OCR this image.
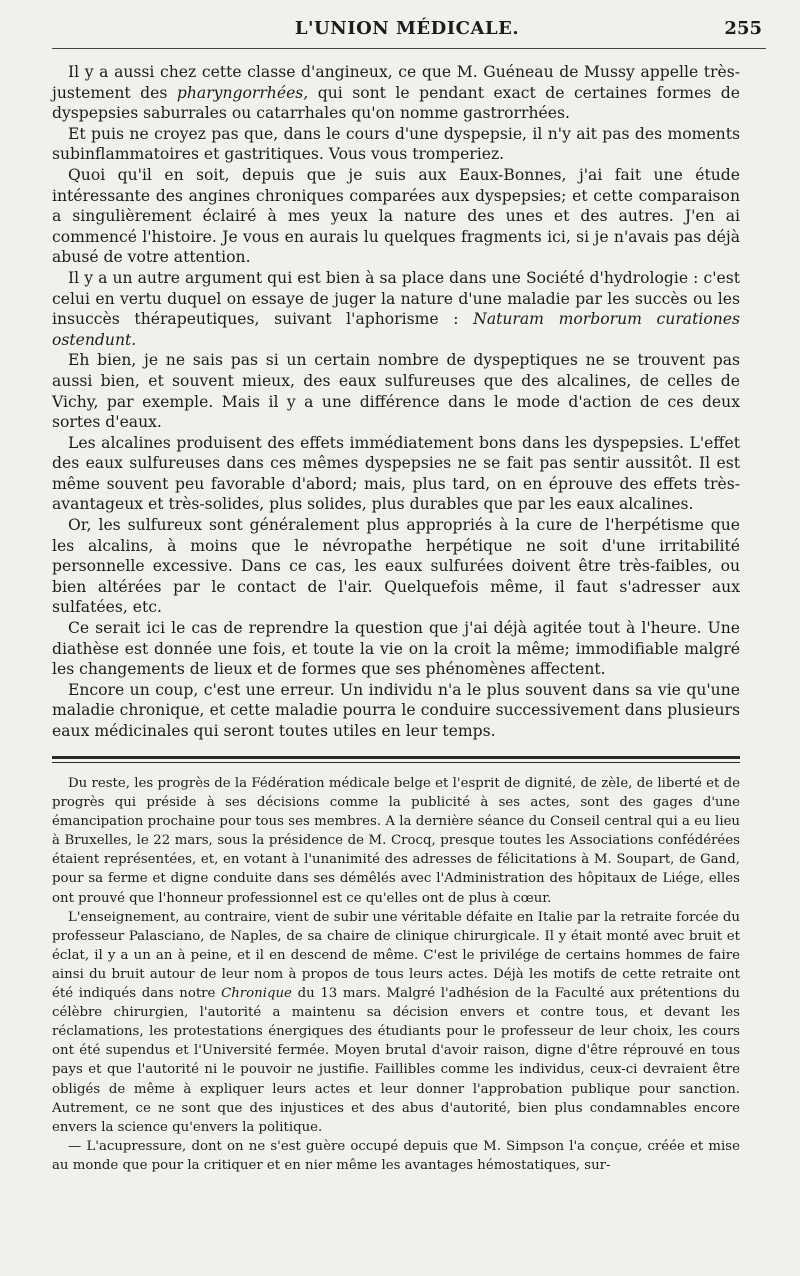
L'UNION MÉDICALE.	255

Il y a aussi chez cette classe d'angineux, ce que M. Guéneau de Mussy appelle très-justement des pharyngorrhées, qui sont le pendant exact de certaines formes de dyspepsies saburrales ou catarrhales qu'on nomme gastrorrhées.

Et puis ne croyez pas que, dans le cours d'une dyspepsie, il n'y ait pas des moments subinflammatoires et gastritiques. Vous vous tromperiez.

Quoi qu'il en soit, depuis que je suis aux Eaux-Bonnes, j'ai fait une étude intéressante des angines chroniques comparées aux dyspepsies; et cette comparaison a singulièrement éclairé à mes yeux la nature des unes et des autres. J'en ai commencé l'histoire. Je vous en aurais lu quelques fragments ici, si je n'avais pas déjà abusé de votre attention.

Il y a un autre argument qui est bien à sa place dans une Société d'hydrologie : c'est celui en vertu duquel on essaye de juger la nature d'une maladie par les succès ou les insuccès thérapeutiques, suivant l'aphorisme : Naturam morborum curationes ostendunt.

Eh bien, je ne sais pas si un certain nombre de dyspeptiques ne se trouvent pas aussi bien, et souvent mieux, des eaux sulfureuses que des alcalines, de celles de Vichy, par exemple. Mais il y a une différence dans le mode d'action de ces deux sortes d'eaux.

Les alcalines produisent des effets immédiatement bons dans les dyspepsies. L'effet des eaux sulfureuses dans ces mêmes dyspepsies ne se fait pas sentir aussitôt. Il est même souvent peu favorable d'abord; mais, plus tard, on en éprouve des effets très-avantageux et très-solides, plus solides, plus durables que par les eaux alcalines.

Or, les sulfureux sont généralement plus appropriés à la cure de l'herpétisme que les alcalins, à moins que le névropathe herpétique ne soit d'une irritabilité personnelle excessive. Dans ce cas, les eaux sulfurées doivent être très-faibles, ou bien altérées par le contact de l'air. Quelquefois même, il faut s'adresser aux sulfatées, etc.

Ce serait ici le cas de reprendre la question que j'ai déjà agitée tout à l'heure. Une diathèse est donnée une fois, et toute la vie on la croit la même; immodifiable malgré les changements de lieux et de formes que ses phénomènes affectent.

Encore un coup, c'est une erreur. Un individu n'a le plus souvent dans sa vie qu'une maladie chronique, et cette maladie pourra le conduire successivement dans plusieurs eaux médicinales qui seront toutes utiles en leur temps.

Du reste, les progrès de la Fédération médicale belge et l'esprit de dignité, de zèle, de liberté et de progrès qui préside à ses décisions comme la publicité à ses actes, sont des gages d'une émancipation prochaine pour tous ses membres. A la dernière séance du Conseil central qui a eu lieu à Bruxelles, le 22 mars, sous la présidence de M. Crocq, presque toutes les Associations confédérées étaient représentées, et, en votant à l'unanimité des adresses de félicitations à M. Soupart, de Gand, pour sa ferme et digne conduite dans ses démêlés avec l'Administration des hôpitaux de Liége, elles ont prouvé que l'honneur professionnel est ce qu'elles ont de plus à cœur.

L'enseignement, au contraire, vient de subir une véritable défaite en Italie par la retraite forcée du professeur Palasciano, de Naples, de sa chaire de clinique chirurgicale. Il y était monté avec bruit et éclat, il y a un an à peine, et il en descend de même. C'est le privilége de certains hommes de faire ainsi du bruit autour de leur nom à propos de tous leurs actes. Déjà les motifs de cette retraite ont été indiqués dans notre Chronique du 13 mars. Malgré l'adhésion de la Faculté aux prétentions du célèbre chirurgien, l'autorité a maintenu sa décision envers et contre tous, et devant les réclamations, les protestations énergiques des étudiants pour le professeur de leur choix, les cours ont été supendus et l'Université fermée. Moyen brutal d'avoir raison, digne d'être réprouvé en tous pays et que l'autorité ni le pouvoir ne justifie. Faillibles comme les individus, ceux-ci devraient être obligés de même à expliquer leurs actes et leur donner l'approbation publique pour sanction. Autrement, ce ne sont que des injustices et des abus d'autorité, bien plus condamnables encore envers la science qu'envers la politique.

— L'acupressure, dont on ne s'est guère occupé depuis que M. Simpson l'a conçue, créée et mise au monde que pour la critiquer et en nier même les avantages hémostatiques, sur-
